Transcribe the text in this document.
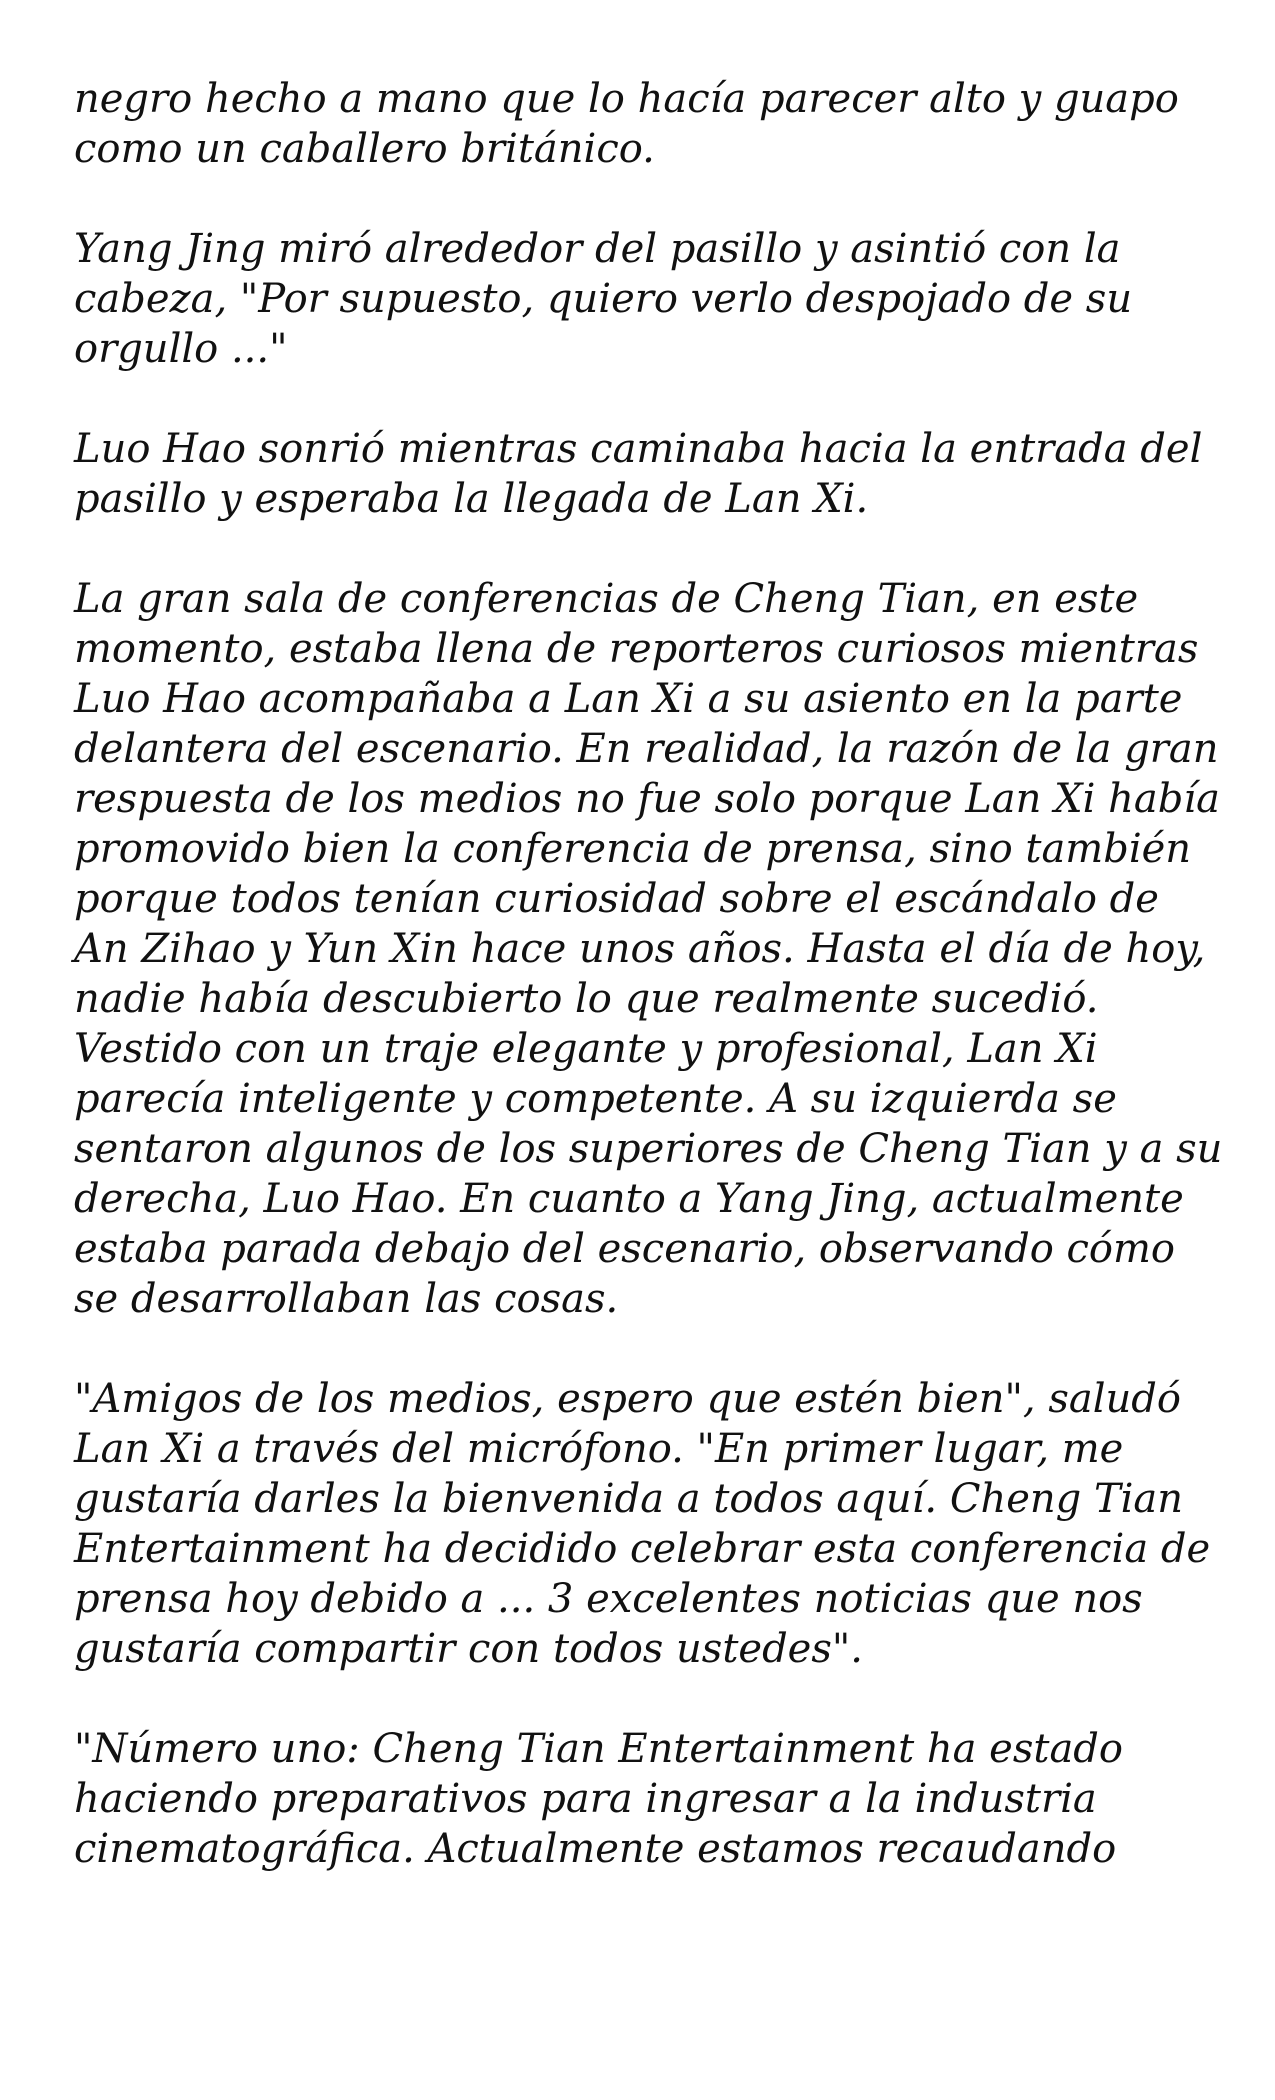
negro hecho a mano que lo hacía parecer alto y guapo como un caballero británico.

Yang Jing miró alrededor del pasillo y asintió con la cabeza, "Por supuesto, quiero verlo despojado de su orgullo ..."

Luo Hao sonrió mientras caminaba hacia la entrada del pasillo y esperaba la llegada de Lan Xi.

La gran sala de conferencias de Cheng Tian, en este momento, estaba llena de reporteros curiosos mientras Luo Hao acompañaba a Lan Xi a su asiento en la parte delantera del escenario. En realidad, la razón de la gran respuesta de los medios no fue solo porque Lan Xi había promovido bien la conferencia de prensa, sino también porque todos tenían curiosidad sobre el escándalo de An Zihao y Yun Xin hace unos años. Hasta el día de hoy, nadie había descubierto lo que realmente sucedió. Vestido con un traje elegante y profesional, Lan Xi parecía inteligente y competente. A su izquierda se sentaron algunos de los superiores de Cheng Tian y a su derecha, Luo Hao. En cuanto a Yang Jing, actualmente estaba parada debajo del escenario, observando cómo se desarrollaban las cosas.

"Amigos de los medios, espero que estén bien", saludó Lan Xi a través del micrófono. "En primer lugar, me gustaría darles la bienvenida a todos aquí. Cheng Tian Entertainment ha decidido celebrar esta conferencia de prensa hoy debido a ... 3 excelentes noticias que nos gustaría compartir con todos ustedes".

"Número uno: Cheng Tian Entertainment ha estado haciendo preparativos para ingresar a la industria cinematográfica. Actualmente estamos recaudando
